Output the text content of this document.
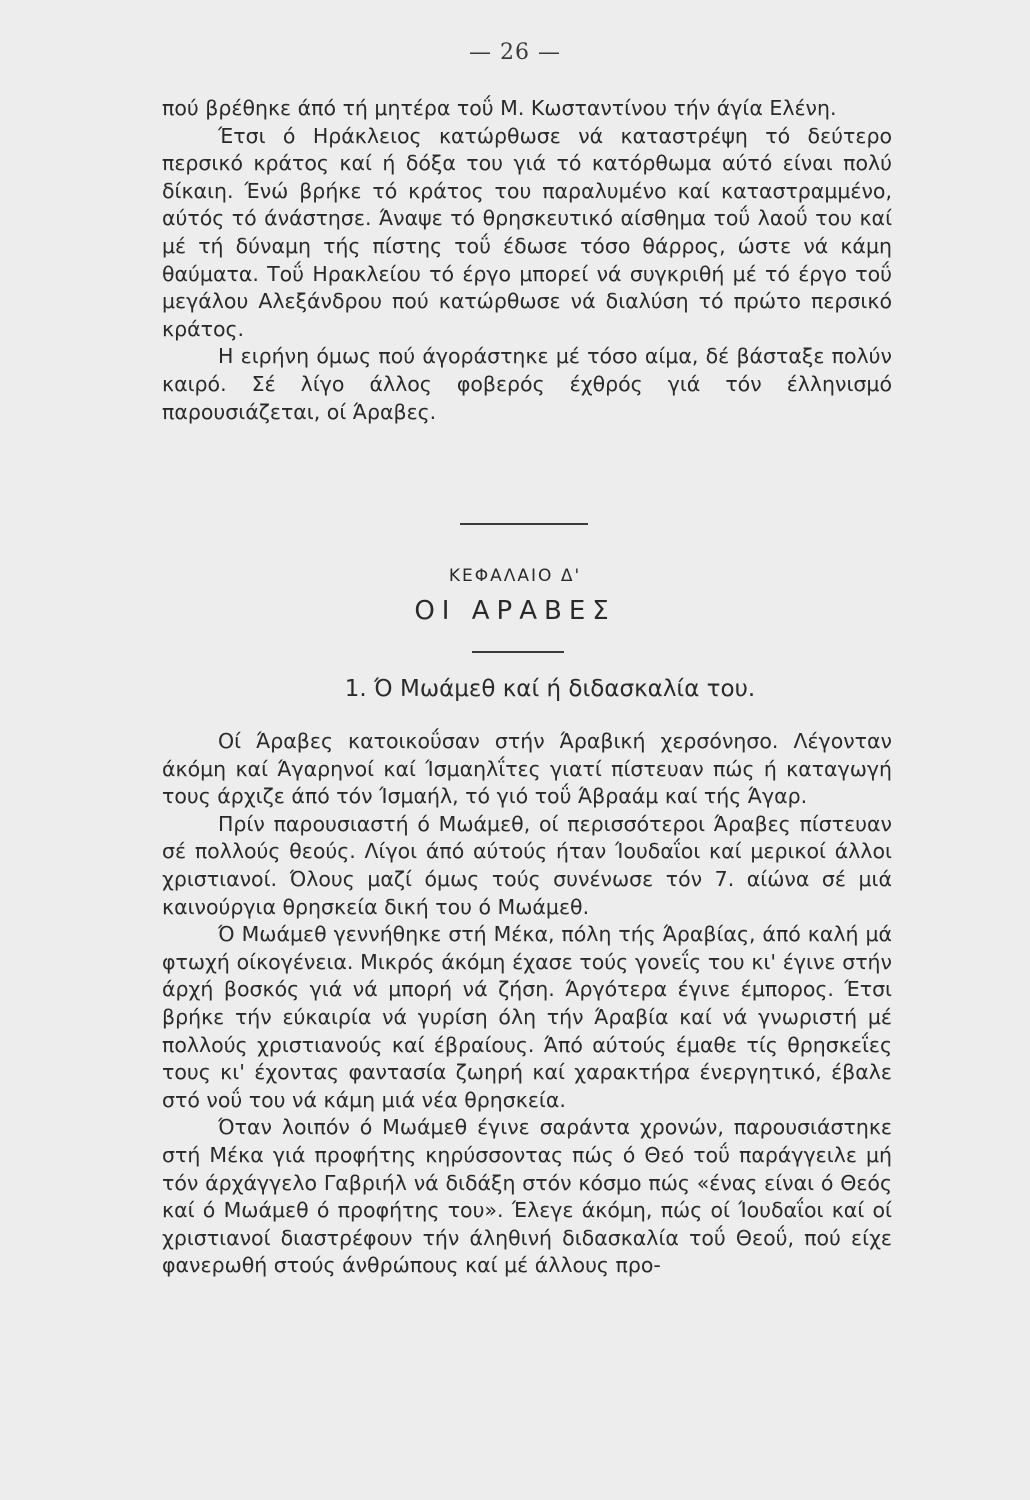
— 26 —

πού βρέθηκε άπό τή μητέρα τοΰ Μ. Κωσταντίνου τήν άγία Ελένη.

Έτσι ό Ηράκλειος κατώρθωσε νά καταστρέψη τό δεύτερο περσικό κράτος καί ή δόξα του γιά τό κατόρθωμα αύτό είναι πολύ δίκαιη. Ένώ βρήκε τό κράτος του παραλυμένο καί καταστραμμένο, αύτός τό άνάστησε. Άναψε τό θρησκευτικό αίσθημα τοΰ λαοΰ του καί μέ τή δύναμη τής πίστης τοΰ έδωσε τόσο θάρρος, ώστε νά κάμη θαύματα. Τοΰ Ηρακλείου τό έργο μπορεί νά συγκριθή μέ τό έργο τοΰ μεγάλου Αλεξάνδρου πού κατώρθωσε νά διαλύση τό πρώτο περσικό κράτος.

Η ειρήνη όμως πού άγοράστηκε μέ τόσο αίμα, δέ βάσταξε πολύν καιρό. Σέ λίγο άλλος φοβερός έχθρός γιά τόν έλληνισμό παρουσιάζεται, οί Άραβες.

ΚΕΦΑΛΑΙΟ Δ'
ΟΙ ΑΡΑΒΕΣ
1. Ό Μωάμεθ καί ή διδασκαλία του.

Οί Άραβες κατοικοΰσαν στήν Άραβική χερσόνησο. Λέγονταν άκόμη καί Άγαρηνοί καί Ίσμαηλΐτες γιατί πίστευαν πώς ή καταγωγή τους άρχιζε άπό τόν Ίσμαήλ, τό γιό τοΰ Άβραάμ καί τής Άγαρ.

Πρίν παρουσιαστή ό Μωάμεθ, οί περισσότεροι Άραβες πίστευαν σέ πολλούς θεούς. Λίγοι άπό αύτούς ήταν Ίουδαΐοι καί μερικοί άλλοι χριστιανοί. Όλους μαζί όμως τούς συνένωσε τόν 7. αίώνα σέ μιά καινούργια θρησκεία δική του ό Μωάμεθ.

Ό Μωάμεθ γεννήθηκε στή Μέκα, πόλη τής Άραβίας, άπό καλή μά φτωχή οίκογένεια. Μικρός άκόμη έχασε τούς γονεΐς του κι' έγινε στήν άρχή βοσκός γιά νά μπορή νά ζήση. Άργότερα έγινε έμπορος. Έτσι βρήκε τήν εύκαιρία νά γυρίση όλη τήν Άραβία καί νά γνωριστή μέ πολλούς χριστιανούς καί έβραίους. Άπό αύτούς έμαθε τίς θρησκεΐες τους κι' έχοντας φαντασία ζωηρή καί χαρακτήρα ένεργητικό, έβαλε στό νοΰ του νά κάμη μιά νέα θρησκεία.

Όταν λοιπόν ό Μωάμεθ έγινε σαράντα χρονών, παρουσιάστηκε στή Μέκα γιά προφήτης κηρύσσοντας πώς ό Θεό τοΰ παράγγειλε μή τόν άρχάγγελο Γαβριήλ νά διδάξη στόν κόσμο πώς «ένας είναι ό Θεός καί ό Μωάμεθ ό προφήτης του». Έλεγε άκόμη, πώς οί Ίουδαΐοι καί οί χριστιανοί διαστρέφουν τήν άληθινή διδασκαλία τοΰ Θεοΰ, πού είχε φανερωθή στούς άνθρώπους καί μέ άλλους προ-
